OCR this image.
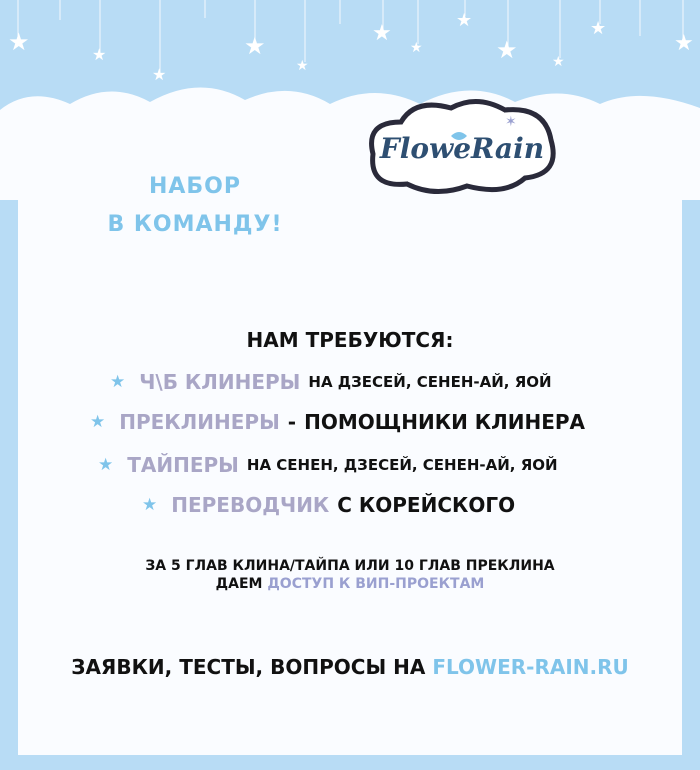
★	★
★
★
★
★
★
★
★ ★
★
★
FloweRain
✶
НАБОР
В КОМАНДУ!
НАМ ТРЕБУЮТСЯ:
★ Ч\Б КЛИНЕРЫ НА ДЗЕСЕЙ, СЕНЕН-АЙ, ЯОЙ
★ ПРЕКЛИНЕРЫ - ПОМОЩНИКИ КЛИНЕРА
★ ТАЙПЕРЫ НА СЕНЕН, ДЗЕСЕЙ, СЕНЕН-АЙ, ЯОЙ
★ ПЕРЕВОДЧИК С КОРЕЙСКОГО
ЗА 5 ГЛАВ КЛИНА/ТАЙПА ИЛИ 10 ГЛАВ ПРЕКЛИНА
ДАЕМ ДОСТУП К ВИП-ПРОЕКТАМ
ЗАЯВКИ, ТЕСТЫ, ВОПРОСЫ НА FLOWER-RAIN.RU
